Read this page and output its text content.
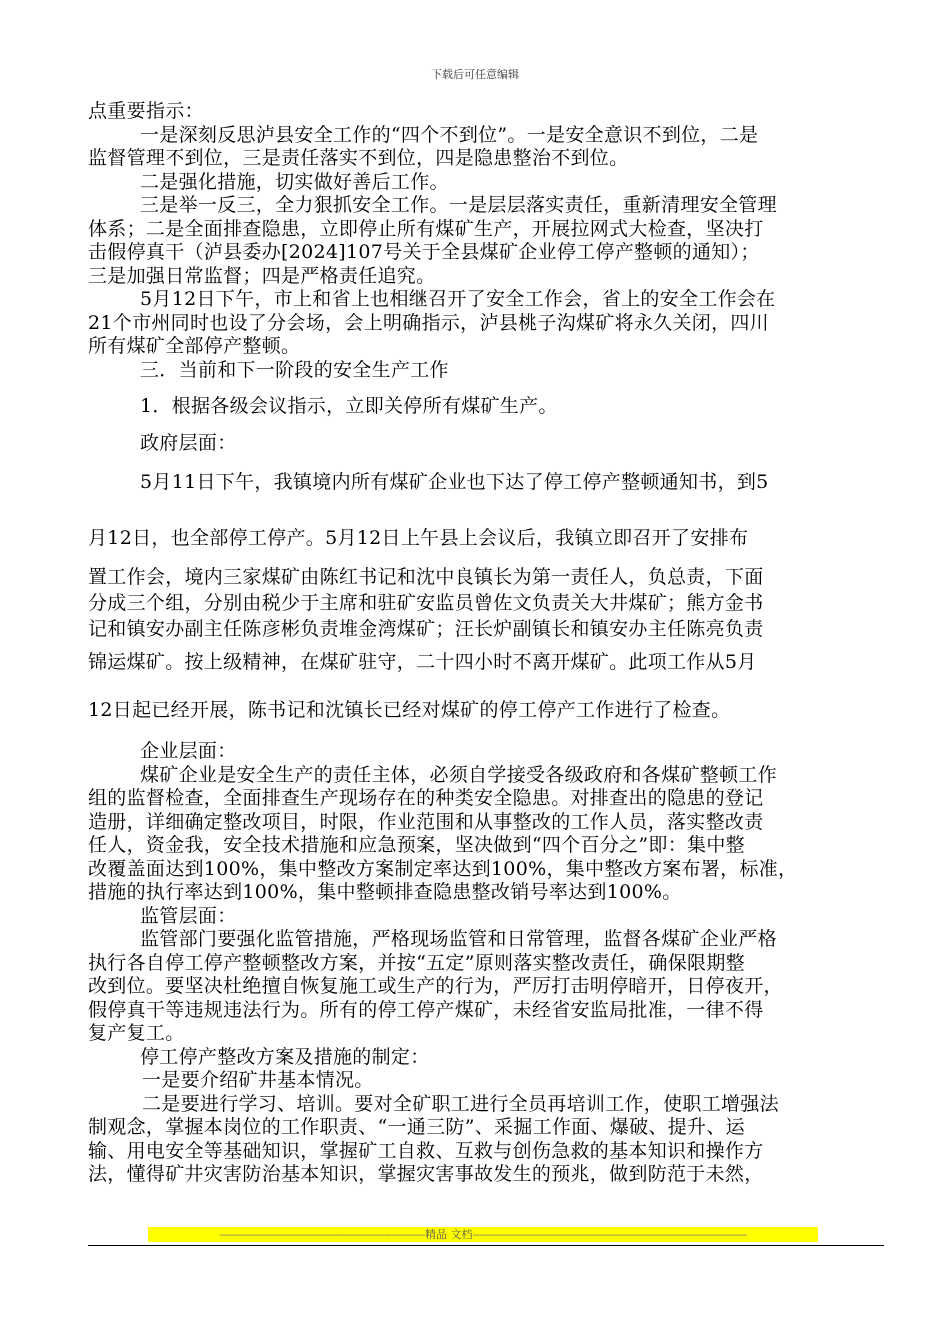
下载后可任意编辑

点重要指示：

一是深刻反思泸县安全工作的“四个不到位”。一是安全意识不到位，二是

监督管理不到位，三是责任落实不到位，四是隐患整治不到位。

二是强化措施，切实做好善后工作。

三是举一反三，全力狠抓安全工作。一是层层落实责任，重新清理安全管理

体系；二是全面排查隐患，立即停止所有煤矿生产，开展拉网式大检查，坚决打

击假停真干（泸县委办[2024]107号关于全县煤矿企业停工停产整顿的通知）；

三是加强日常监督；四是严格责任追究。

5月12日下午，市上和省上也相继召开了安全工作会，省上的安全工作会在

21个市州同时也设了分会场，会上明确指示，泸县桃子沟煤矿将永久关闭，四川

所有煤矿全部停产整顿。

三．当前和下一阶段的安全生产工作

1．根据各级会议指示，立即关停所有煤矿生产。

政府层面：

5月11日下午，我镇境内所有煤矿企业也下达了停工停产整顿通知书，到5

月12日，也全部停工停产。5月12日上午县上会议后，我镇立即召开了安排布

置工作会，境内三家煤矿由陈红书记和沈中良镇长为第一责任人，负总责，下面

分成三个组，分别由税少于主席和驻矿安监员曾佐文负责关大井煤矿；熊方金书

记和镇安办副主任陈彦彬负责堆金湾煤矿；汪长炉副镇长和镇安办主任陈亮负责

锦运煤矿。按上级精神，在煤矿驻守，二十四小时不离开煤矿。此项工作从5月

12日起已经开展，陈书记和沈镇长已经对煤矿的停工停产工作进行了检查。

企业层面：

煤矿企业是安全生产的责任主体，必须自学接受各级政府和各煤矿整顿工作

组的监督检查，全面排查生产现场存在的种类安全隐患。对排查出的隐患的登记

造册，详细确定整改项目，时限，作业范围和从事整改的工作人员，落实整改责

任人，资金我，安全技术措施和应急预案，坚决做到“四个百分之”即：集中整

改覆盖面达到100%，集中整改方案制定率达到100%，集中整改方案布署，标准，

措施的执行率达到100%，集中整顿排查隐患整改销号率达到100%。

监管层面：

监管部门要强化监管措施，严格现场监管和日常管理，监督各煤矿企业严格

执行各自停工停产整顿整改方案，并按“五定”原则落实整改责任，确保限期整

改到位。要坚决杜绝擅自恢复施工或生产的行为，严厉打击明停暗开，日停夜开，

假停真干等违规违法行为。所有的停工停产煤矿，未经省安监局批准，一律不得

复产复工。

停工停产整改方案及措施的制定：

一是要介绍矿井基本情况。

二是要进行学习、培训。要对全矿职工进行全员再培训工作，使职工增强法

制观念，掌握本岗位的工作职责、“一通三防”、采掘工作面、爆破、提升、运

输、用电安全等基础知识，掌握矿工自救、互救与创伤急救的基本知识和操作方

法，懂得矿井灾害防治基本知识，掌握灾害事故发生的预兆，做到防范于未然，

------------------------------------------------------------------精品 文档----------------------------------------------------------------------------------------
